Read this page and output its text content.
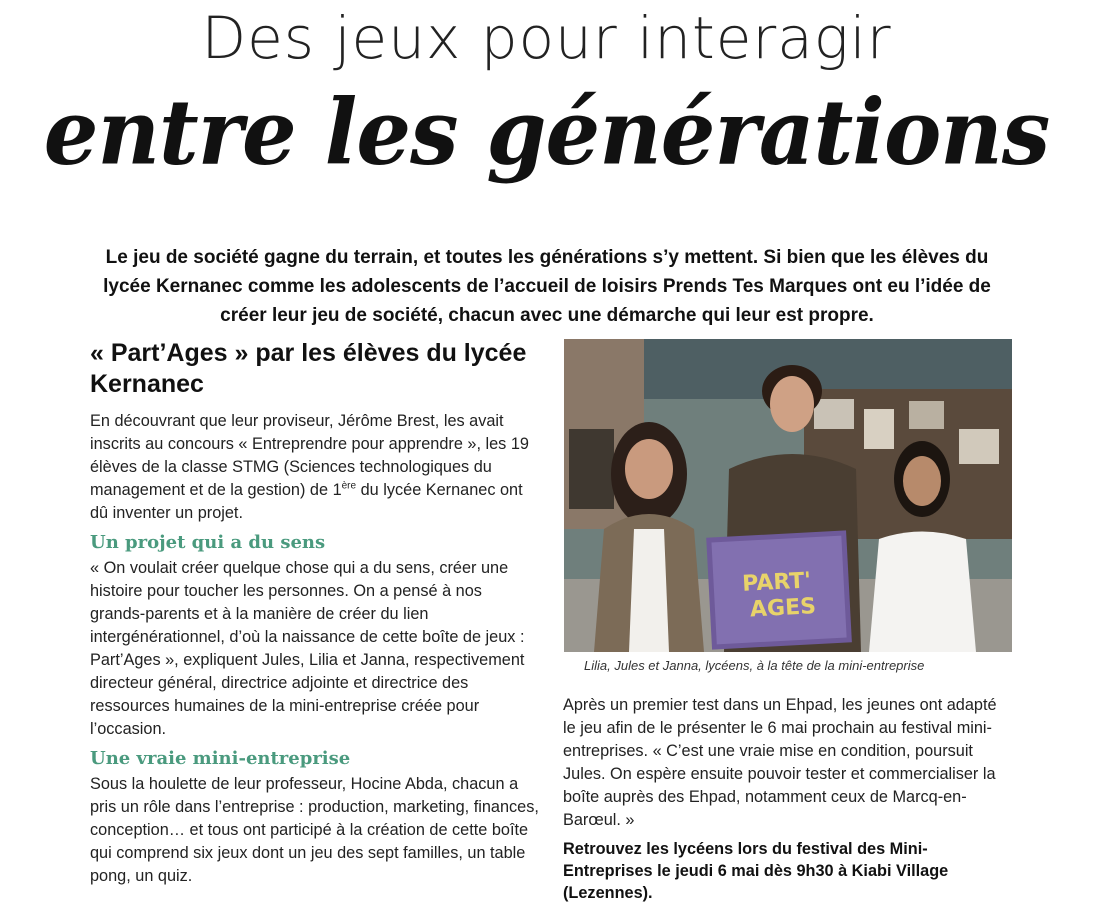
Des jeux pour interagir
entre les générations

Le jeu de société gagne du terrain, et toutes les générations s’y mettent. Si bien que les élèves du lycée Kernanec comme les adolescents de l’accueil de loisirs Prends Tes Marques ont eu l’idée de créer leur jeu de société, chacun avec une démarche qui leur est propre.

« Part’Ages » par les élèves du lycée Kernanec

En découvrant que leur proviseur, Jérôme Brest, les avait inscrits au concours « Entreprendre pour apprendre », les 19 élèves de la classe STMG (Sciences technologiques du management et de la gestion) de 1ère du lycée Kernanec ont dû inventer un projet.

Un projet qui a du sens

« On voulait créer quelque chose qui a du sens, créer une histoire pour toucher les personnes. On a pensé à nos grands-parents et à la manière de créer du lien intergénérationnel, d’où la naissance de cette boîte de jeux : Part’Ages », expliquent Jules, Lilia et Janna, respectivement directeur général, directrice adjointe et directrice des ressources humaines de la mini-entreprise créée pour l’occasion.

Une vraie mini-entreprise

Sous la houlette de leur professeur, Hocine Abda, chacun a pris un rôle dans l’entreprise : production, marketing, finances, conception… et tous ont participé à la création de cette boîte qui comprend six jeux dont un jeu des sept familles, un table pong, un quiz.

PART'
AGES
Lilia, Jules et Janna, lycéens, à la tête de la mini-entreprise

Après un premier test dans un Ehpad, les jeunes ont adapté le jeu afin de le présenter le 6 mai prochain au festival mini-entreprises. « C’est une vraie mise en condition, poursuit Jules. On espère ensuite pouvoir tester et commercialiser la boîte auprès des Ehpad, notamment ceux de Marcq-en-Barœul. »

Retrouvez les lycéens lors du festival des Mini-Entreprises le jeudi 6 mai dès 9h30 à Kiabi Village (Lezennes).
